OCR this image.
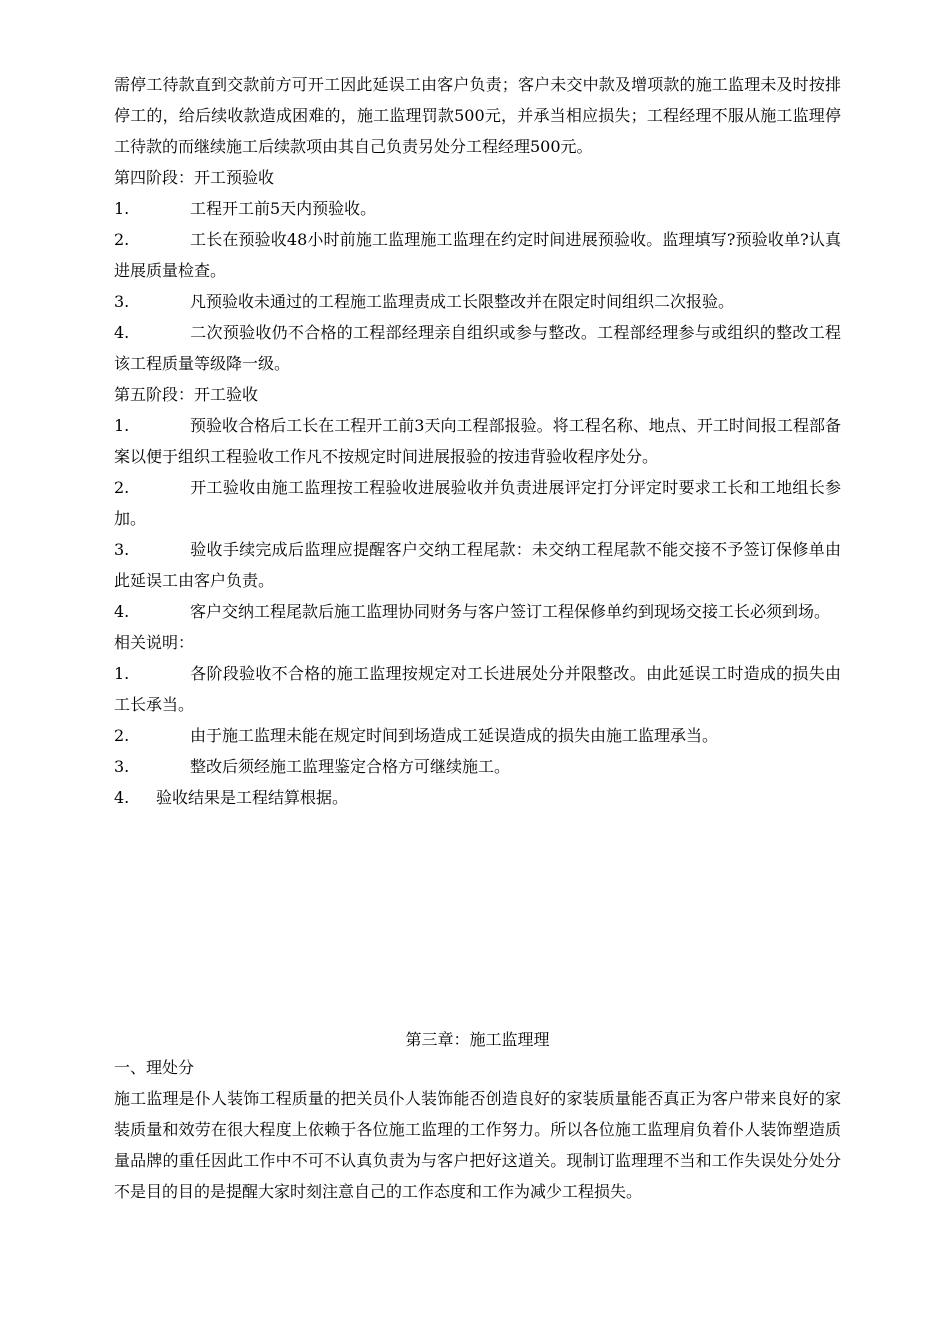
需停工待款直到交款前方可开工因此延误工由客户负责；客户未交中款及增项款的施工监理未及时按排停工的，给后续收款造成困难的，施工监理罚款500元，并承当相应损失；工程经理不服从施工监理停工待款的而继续施工后续款项由其自己负责另处分工程经理500元。

第四阶段：开工预验收

1.	工程开工前5天内预验收。

2.	工长在预验收48小时前施工监理施工监理在约定时间进展预验收。监理填写?预验收单?认真进展质量检查。

3.	凡预验收未通过的工程施工监理责成工长限整改并在限定时间组织二次报验。

4.	二次预验收仍不合格的工程部经理亲自组织或参与整改。工程部经理参与或组织的整改工程该工程质量等级降一级。

第五阶段：开工验收

1.	预验收合格后工长在工程开工前3天向工程部报验。将工程名称、地点、开工时间报工程部备案以便于组织工程验收工作凡不按规定时间进展报验的按违背验收程序处分。

2.	开工验收由施工监理按工程验收进展验收并负责进展评定打分评定时要求工长和工地组长参加。

3.	验收手续完成后监理应提醒客户交纳工程尾款：未交纳工程尾款不能交接不予签订保修单由此延误工由客户负责。

4.	客户交纳工程尾款后施工监理协同财务与客户签订工程保修单约到现场交接工长必须到场。

相关说明：

1.	各阶段验收不合格的施工监理按规定对工长进展处分并限整改。由此延误工时造成的损失由工长承当。

2.	由于施工监理未能在规定时间到场造成工延误造成的损失由施工监理承当。

3.	整改后须经施工监理鉴定合格方可继续施工。

4. 验收结果是工程结算根据。

第三章：施工监理理

一、理处分

施工监理是仆人装饰工程质量的把关员仆人装饰能否创造良好的家装质量能否真正为客户带来良好的家装质量和效劳在很大程度上依赖于各位施工监理的工作努力。所以各位施工监理肩负着仆人装饰塑造质量品牌的重任因此工作中不可不认真负责为与客户把好这道关。现制订监理理不当和工作失误处分处分不是目的目的是提醒大家时刻注意自己的工作态度和工作为减少工程损失。
